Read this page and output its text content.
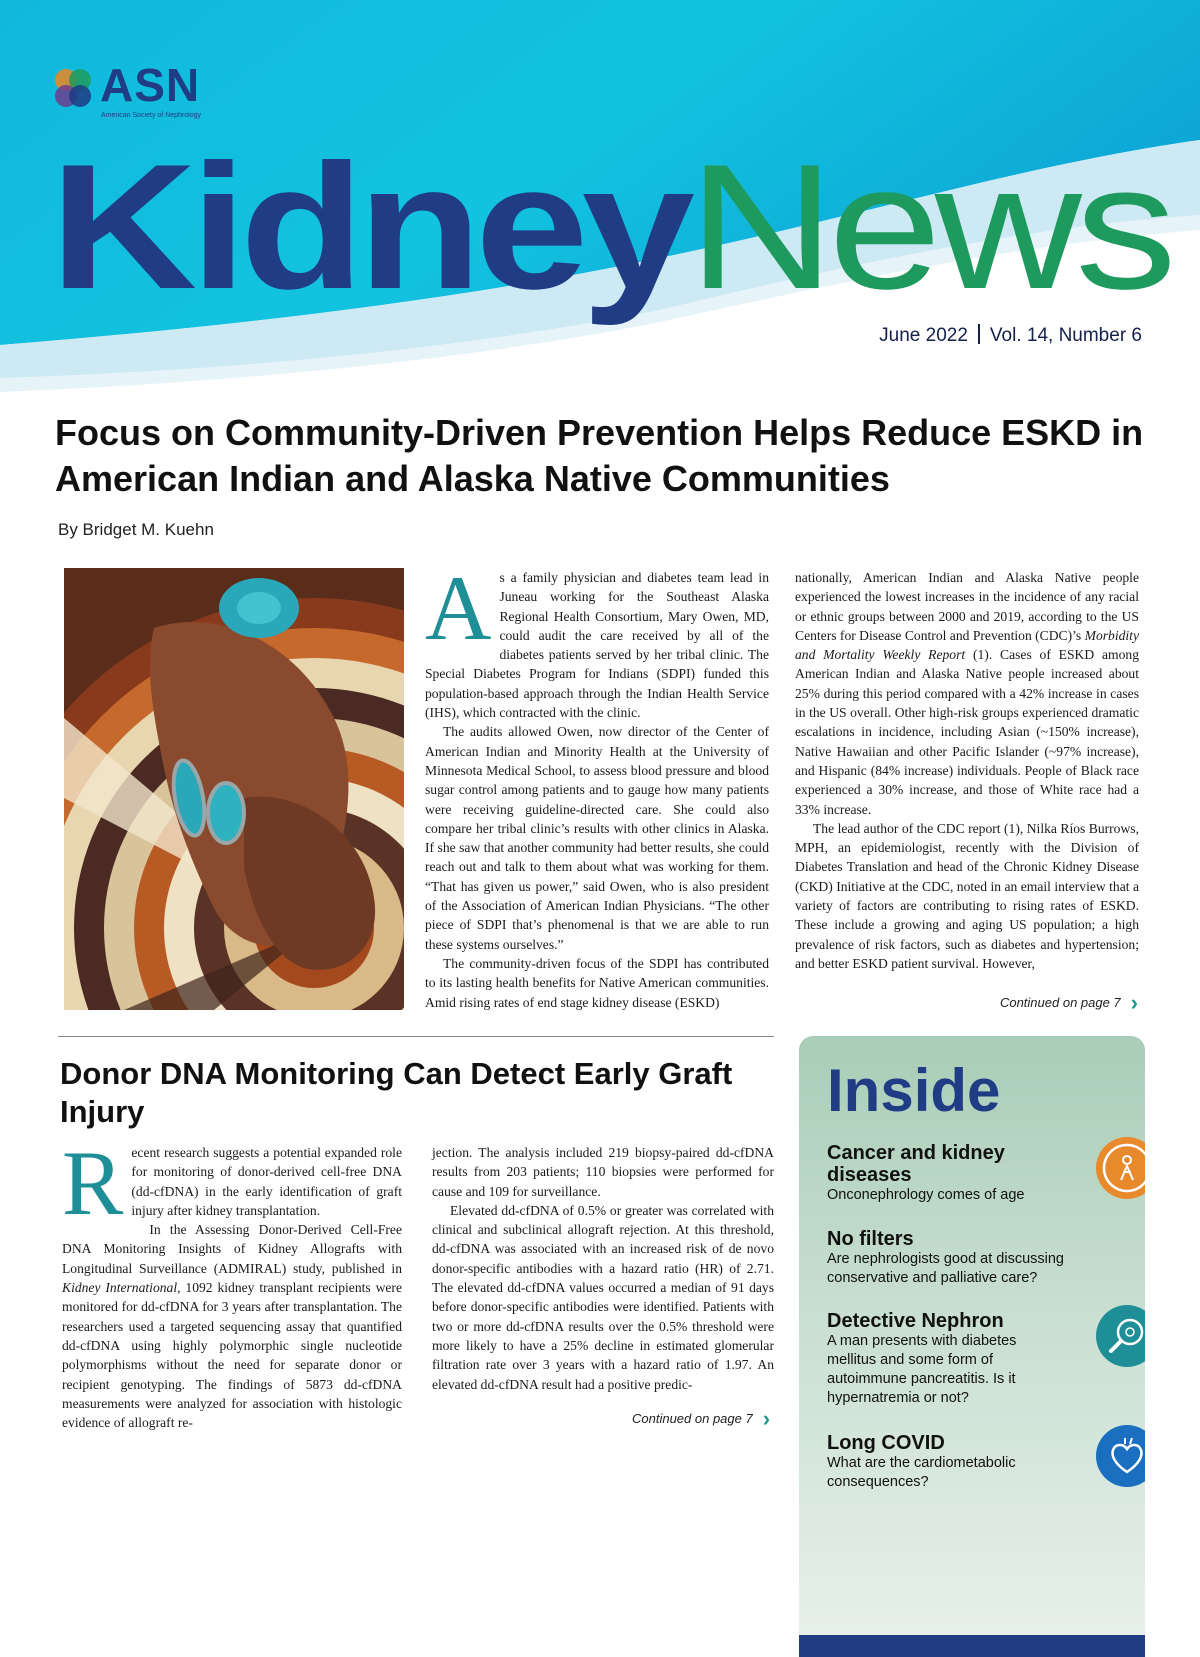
ASN
American Society of Nephrology
Kidney News
June 2022 Vol. 14, Number 6
Focus on Community-Driven Prevention Helps Reduce ESKD in American Indian and Alaska Native Communities
By Bridget M. Kuehn

As a family physician and diabetes team lead in Juneau working for the Southeast Alaska Regional Health Consortium, Mary Owen, MD, could audit the care received by all of the diabetes patients served by her tribal clinic. The Special Diabetes Program for Indians (SDPI) funded this population-based approach through the Indian Health Service (IHS), which contracted with the clinic.

The audits allowed Owen, now director of the Center of American Indian and Minority Health at the University of Minnesota Medical School, to assess blood pressure and blood sugar control among patients and to gauge how many patients were receiving guideline-directed care. She could also compare her tribal clinic’s results with other clinics in Alaska. If she saw that another community had better results, she could reach out and talk to them about what was working for them. “That has given us power,” said Owen, who is also president of the Association of American Indian Physicians. “The other piece of SDPI that’s phenomenal is that we are able to run these systems ourselves.”

The community-driven focus of the SDPI has contributed to its lasting health benefits for Native American communities. Amid rising rates of end stage kidney disease (ESKD)

nationally, American Indian and Alaska Native people experienced the lowest increases in the incidence of any racial or ethnic groups between 2000 and 2019, according to the US Centers for Disease Control and Prevention (CDC)’s Morbidity and Mortality Weekly Report (1). Cases of ESKD among American Indian and Alaska Native people increased about 25% during this period compared with a 42% increase in cases in the US overall. Other high-risk groups experienced dramatic escalations in incidence, including Asian (~150% increase), Native Hawaiian and other Pacific Islander (~97% increase), and Hispanic (84% increase) individuals. People of Black race experienced a 30% increase, and those of White race had a 33% increase.

The lead author of the CDC report (1), Nilka Ríos Burrows, MPH, an epidemiologist, recently with the Division of Diabetes Translation and head of the Chronic Kidney Disease (CKD) Initiative at the CDC, noted in an email interview that a variety of factors are contributing to rising rates of ESKD. These include a growing and aging US population; a high prevalence of risk factors, such as diabetes and hypertension; and better ESKD patient survival. However,

Continued on page 7 ›
Donor DNA Monitoring Can Detect Early Graft Injury

Recent research suggests a potential expanded role for monitoring of donor-derived cell-free DNA (dd-cfDNA) in the early identification of graft injury after kidney transplantation.

In the Assessing Donor-Derived Cell-Free DNA Monitoring Insights of Kidney Allografts with Longitudinal Surveillance (ADMIRAL) study, published in Kidney International, 1092 kidney transplant recipients were monitored for dd-cfDNA for 3 years after transplantation. The researchers used a targeted sequencing assay that quantified dd-cfDNA using highly polymorphic single nucleotide polymorphisms without the need for separate donor or recipient genotyping. The findings of 5873 dd-cfDNA measurements were analyzed for association with histologic evidence of allograft re-

jection. The analysis included 219 biopsy-paired dd-cfDNA results from 203 patients; 110 biopsies were performed for cause and 109 for surveillance.

Elevated dd-cfDNA of 0.5% or greater was correlated with clinical and subclinical allograft rejection. At this threshold, dd-cfDNA was associated with an increased risk of de novo donor-specific antibodies with a hazard ratio (HR) of 2.71. The elevated dd-cfDNA values occurred a median of 91 days before donor-specific antibodies were identified. Patients with two or more dd-cfDNA results over the 0.5% threshold were more likely to have a 25% decline in estimated glomerular filtration rate over 3 years with a hazard ratio of 1.97. An elevated dd-cfDNA result had a positive predic-

Continued on page 7 ›
Inside
Cancer and kidney diseases
Onconephrology comes of age
No filters
Are nephrologists good at discussing conservative and palliative care?
Detective Nephron
A man presents with diabetes mellitus and some form of autoimmune pancreatitis. Is it hypernatremia or not?
Long COVID
What are the cardiometabolic consequences?
